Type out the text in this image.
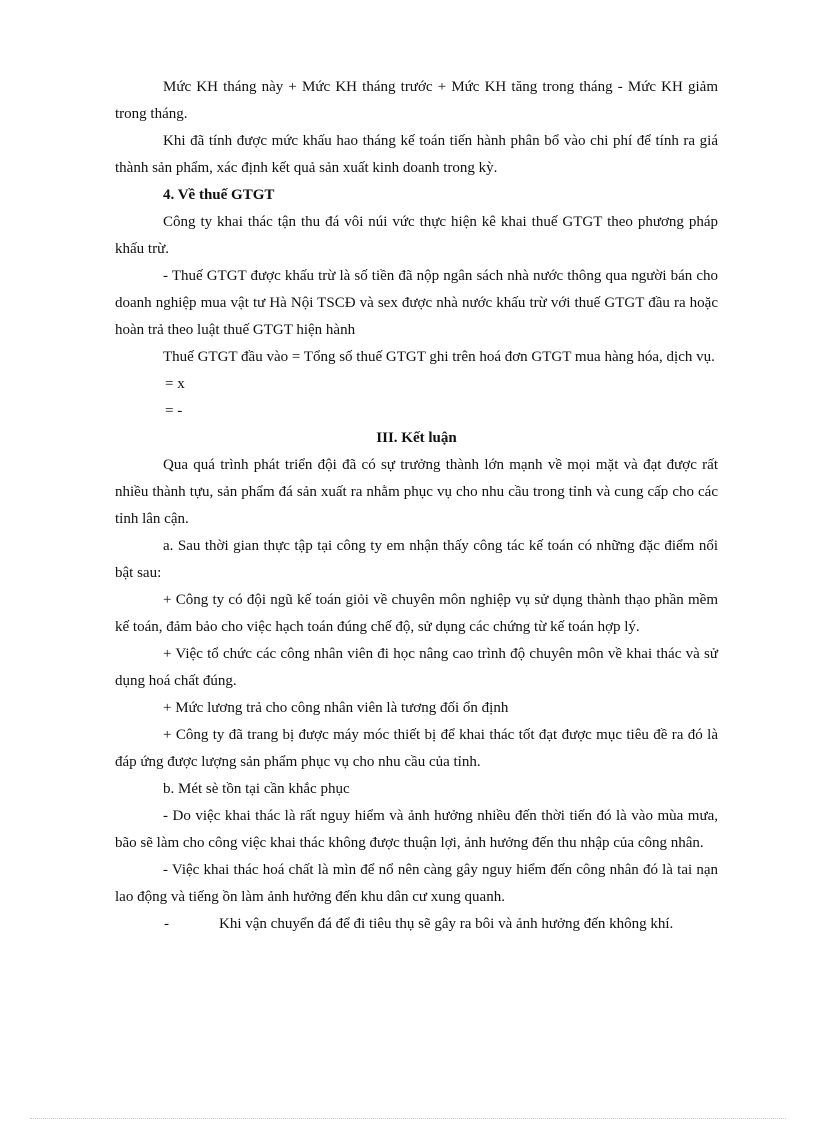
Mức KH tháng này + Mức KH tháng trước + Mức KH tăng trong tháng - Mức KH giảm trong tháng.

Khi đã tính được mức khấu hao tháng kế toán tiến hành phân bổ vào chi phí để tính ra giá thành sản phẩm, xác định kết quả sản xuất kinh doanh trong kỳ.

4. Về thuế GTGT

Công ty khai thác tận thu đá vôi núi vức thực hiện kê khai thuế GTGT theo phương pháp khấu trừ.

- Thuế GTGT được khấu trừ là số tiền đã nộp ngân sách nhà nước thông qua người bán cho doanh nghiệp mua vật tư Hà Nội TSCĐ và sex được nhà nước khấu trừ với thuế GTGT đầu ra hoặc hoàn trả theo luật thuế GTGT hiện hành

Thuế GTGT đầu vào = Tổng số thuế GTGT ghi trên hoá đơn GTGT mua hàng hóa, dịch vụ.

= x

= -

III. Kết luận

Qua quá trình phát triển đội đã có sự trưởng thành lớn mạnh về mọi mặt và đạt được rất nhiều thành tựu, sản phẩm đá sản xuất ra nhằm phục vụ cho nhu cầu trong tỉnh và cung cấp cho các tỉnh lân cận.

a. Sau thời gian thực tập tại công ty em nhận thấy công tác kế toán có những đặc điểm nổi bật sau:

+ Công ty có đội ngũ kế toán giỏi về chuyên môn nghiệp vụ sử dụng thành thạo phần mềm kế toán, đảm bảo cho việc hạch toán đúng chế độ, sử dụng các chứng từ kế toán hợp lý.

+ Việc tổ chức các công nhân viên đi học nâng cao trình độ chuyên môn về khai thác và sử dụng hoá chất đúng.

+ Mức lương trả cho công nhân viên là tương đối ổn định

+ Công ty đã trang bị được máy móc thiết bị để khai thác tốt đạt được mục tiêu đề ra đó là đáp ứng được lượng sản phẩm phục vụ cho nhu cầu của tỉnh.

b. Mét sè tồn tại cần khắc phục

- Do việc khai thác là rất nguy hiểm và ảnh hưởng nhiều đến thời tiến đó là vào mùa mưa, bão sẽ làm cho công việc khai thác không được thuận lợi, ảnh hưởng đến thu nhập của công nhân.

- Việc khai thác hoá chất là mìn để nổ nên càng gây nguy hiểm đến công nhân đó là tai nạn lao động và tiếng ồn làm ảnh hưởng đến khu dân cư xung quanh.

-	Khi vận chuyển đá để đi tiêu thụ sẽ gây ra bôi và ảnh hưởng đến không khí.
